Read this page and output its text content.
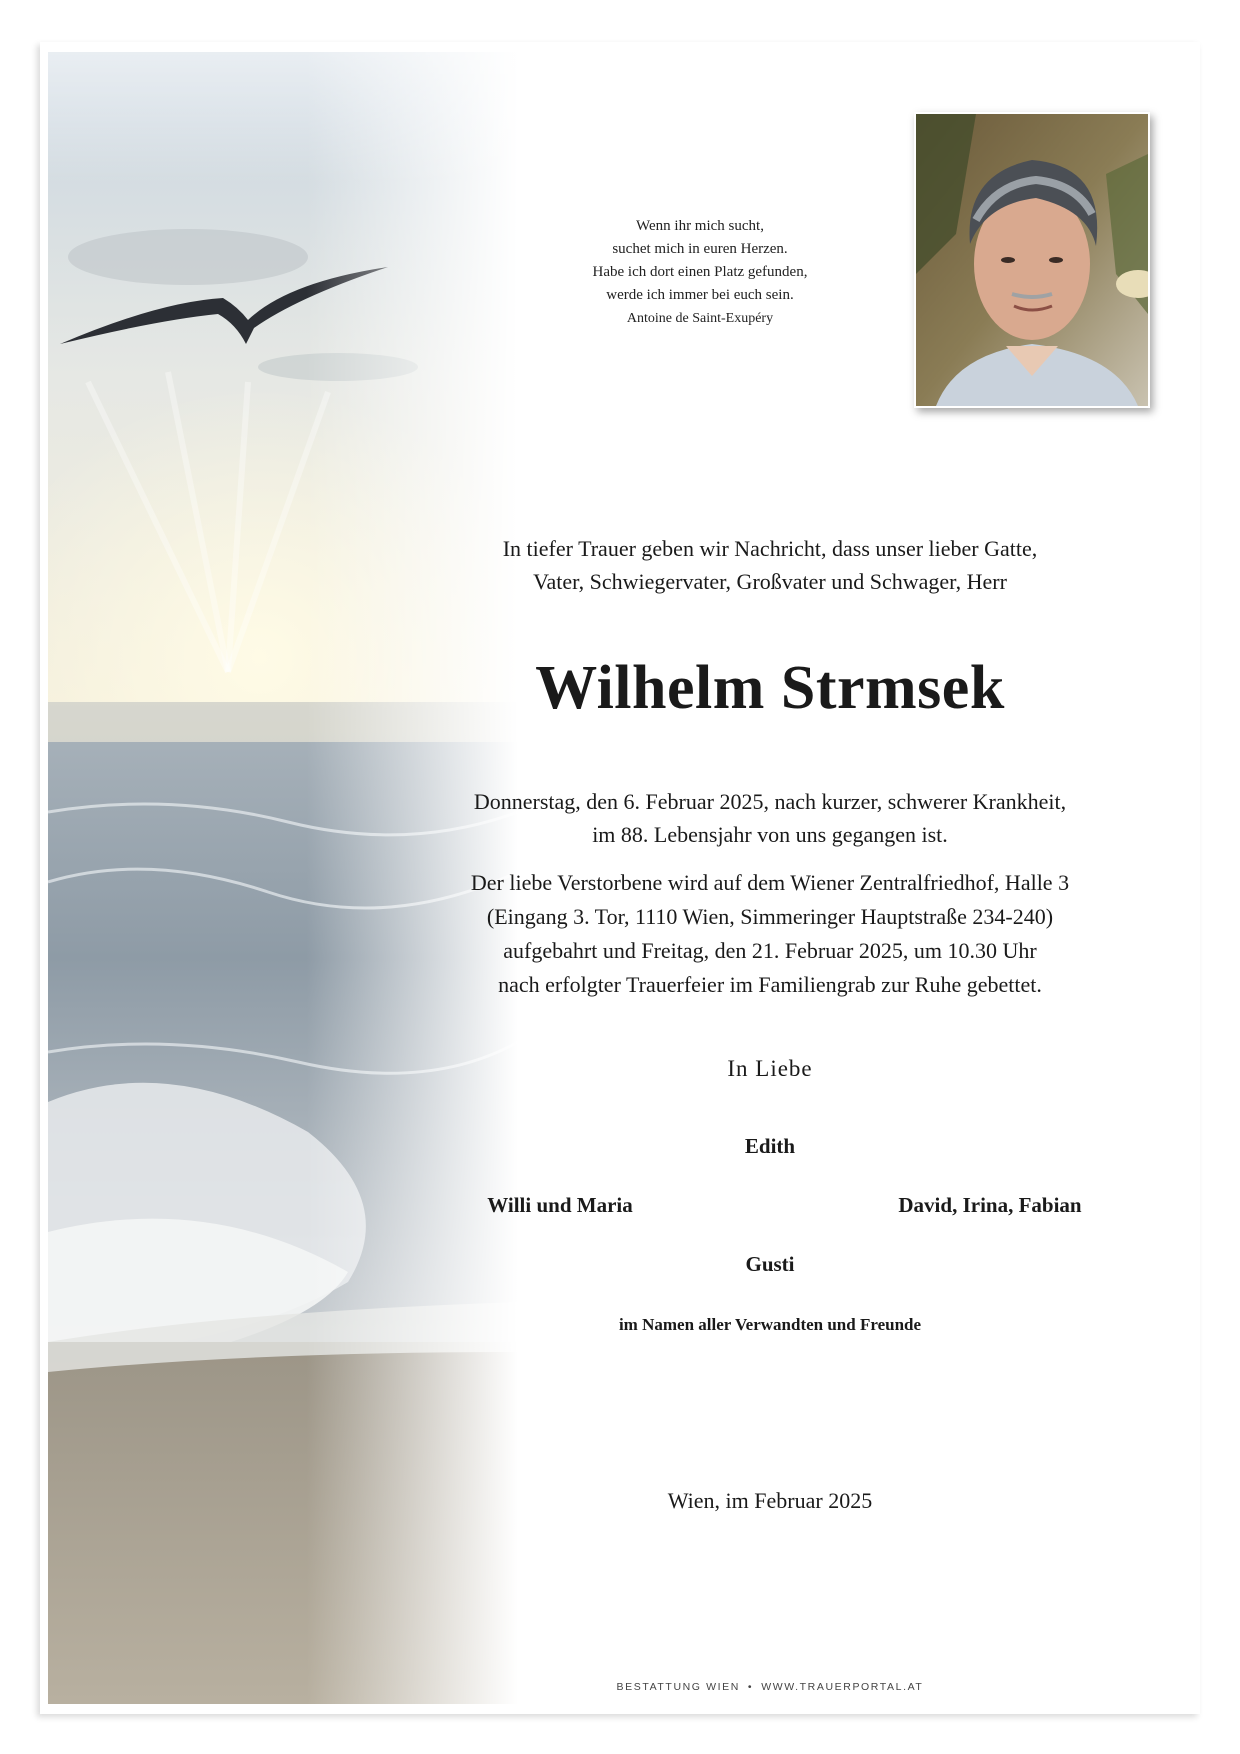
Wenn ihr mich sucht,
suchet mich in euren Herzen.
Habe ich dort einen Platz gefunden,
werde ich immer bei euch sein.
Antoine de Saint-Exupéry
In tiefer Trauer geben wir Nachricht, dass unser lieber Gatte,
Vater, Schwiegervater, Großvater und Schwager, Herr
Wilhelm Strmsek
Donnerstag, den 6. Februar 2025, nach kurzer, schwerer Krankheit,
im 88. Lebensjahr von uns gegangen ist.
Der liebe Verstorbene wird auf dem Wiener Zentralfriedhof, Halle 3
(Eingang 3. Tor, 1110 Wien, Simmeringer Hauptstraße 234-240)
aufgebahrt und Freitag, den 21. Februar 2025, um 10.30 Uhr
nach erfolgter Trauerfeier im Familiengrab zur Ruhe gebettet.
In Liebe
Edith
Willi und Maria	David, Irina, Fabian
Gusti
im Namen aller Verwandten und Freunde
Wien, im Februar 2025
BESTATTUNG WIEN • WWW.TRAUERPORTAL.AT
